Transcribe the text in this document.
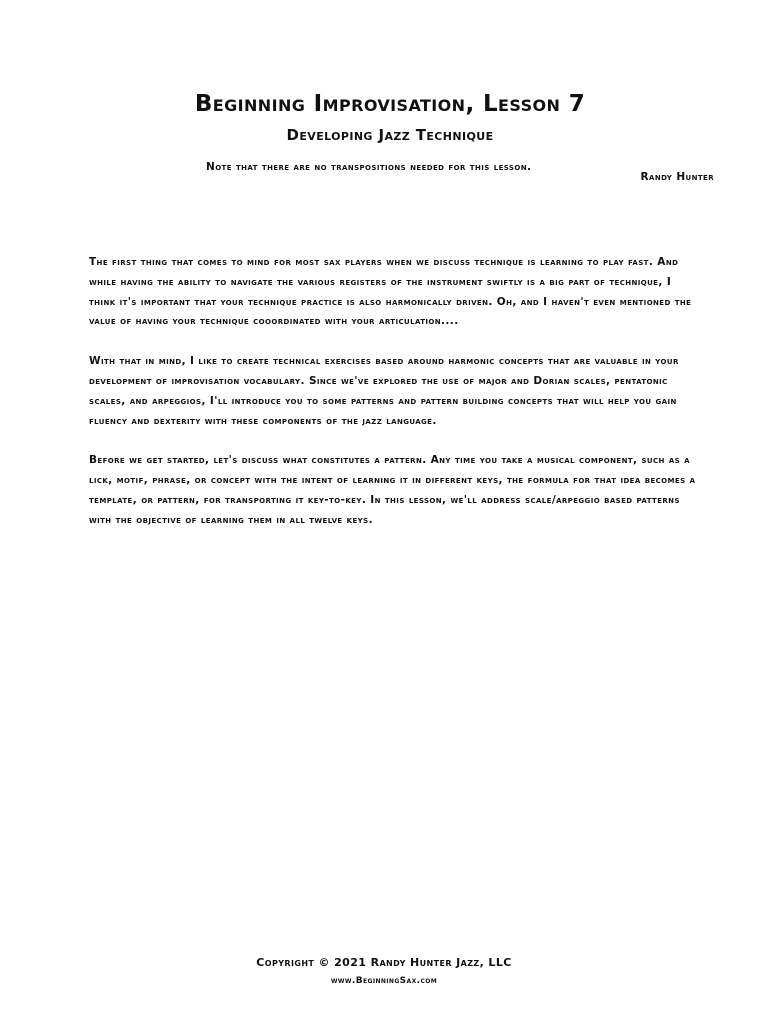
Beginning Improvisation, Lesson 7
Developing Jazz Technique
Note that there are no transpositions needed for this lesson.
Randy Hunter

The first thing that comes to mind for most sax players when we discuss technique is learning to play fast. And while having the ability to navigate the various registers of the instrument swiftly is a big part of technique, I think it's important that your technique practice is also harmonically driven. Oh, and I haven't even mentioned the value of having your technique cooordinated with your articulation....

With that in mind, I like to create technical exercises based around harmonic concepts that are valuable in your development of improvisation vocabulary. Since we've explored the use of major and Dorian scales, pentatonic scales, and arpeggios, I'll introduce you to some patterns and pattern building concepts that will help you gain fluency and dexterity with these components of the jazz language.

Before we get started, let's discuss what constitutes a pattern. Any time you take a musical component, such as a lick, motif, phrase, or concept with the intent of learning it in different keys, the formula for that idea becomes a template, or pattern, for transporting it key-to-key. In this lesson, we'll address scale/arpeggio based patterns with the objective of learning them in all twelve keys.

Copyright © 2021 Randy Hunter Jazz, LLC
www.BeginningSax.com
